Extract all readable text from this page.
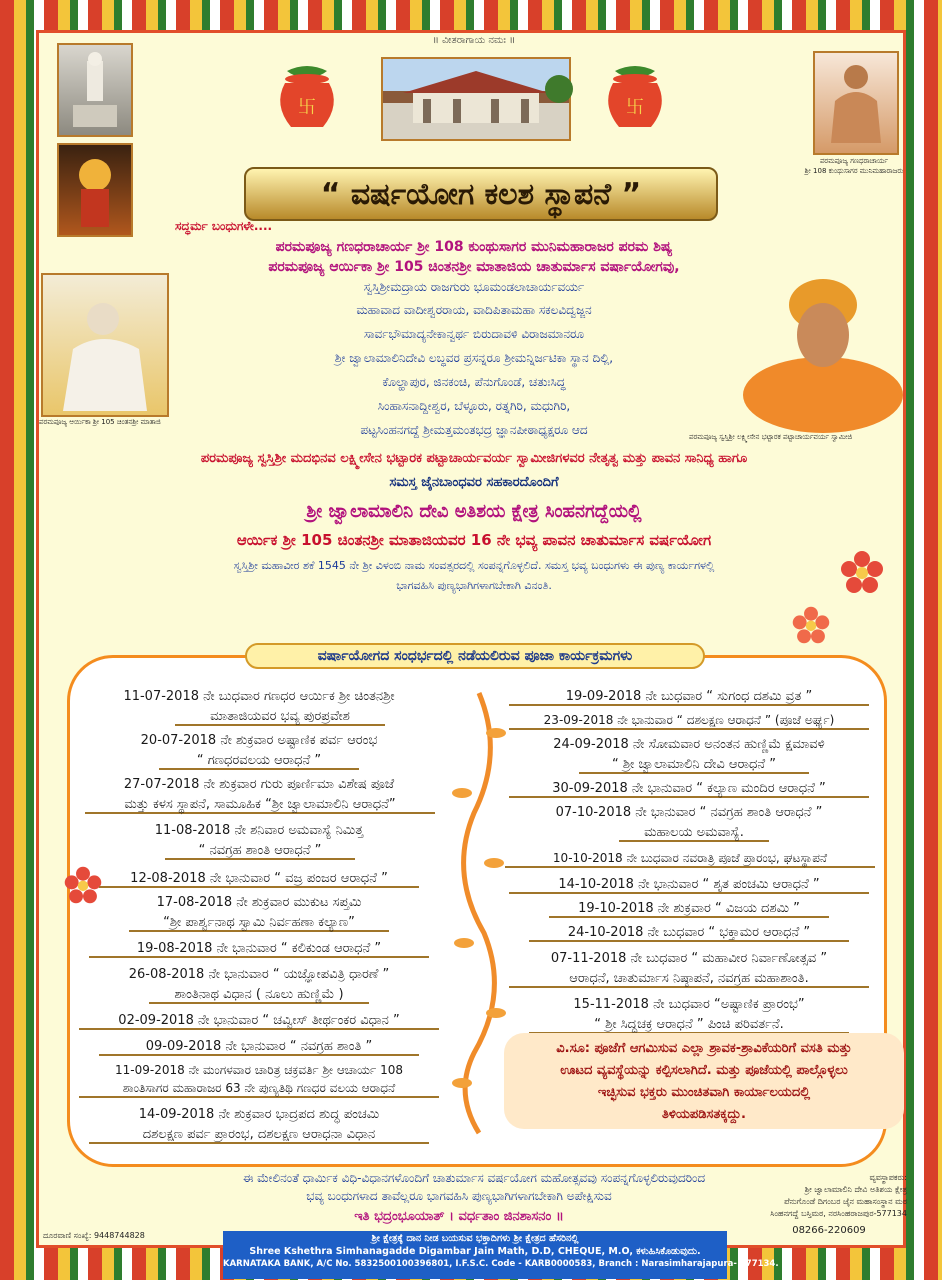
॥ ವೀತರಾಗಾಯ ನಮಃ ॥
卐	卐
ಪರಮಪೂಜ್ಯ ಗಣಧರಾಚಾರ್ಯ
ಶ್ರೀ 108 ಕುಂಥುಸಾಗರ ಮುನಿಮಹಾರಾಜರು
“ ವರ್ಷಯೋಗ ಕಲಶ ಸ್ಥಾಪನೆ ”
ಸದ್ಧರ್ಮ ಬಂಧುಗಳೇ....
ಪರಮಪೂಜ್ಯ ಆರ್ಯಿಕಾ ಶ್ರೀ 105 ಚಿಂತನಶ್ರೀ ಮಾತಾಜಿ
ಪರಮಪೂಜ್ಯ ಸ್ವಸ್ತಿಶ್ರೀ ಲಕ್ಷ್ಮೀಸೇನ ಭಟ್ಟಾರಕ ಪಟ್ಟಾಚಾರ್ಯವರ್ಯ ಸ್ವಾಮೀಜಿ
ಪರಮಪೂಜ್ಯ ಗಣಧರಾಚಾರ್ಯ ಶ್ರೀ 108 ಕುಂಥುಸಾಗರ ಮುನಿಮಹಾರಾಜರ ಪರಮ ಶಿಷ್ಯ
ಪರಮಪೂಜ್ಯ ಆರ್ಯಿಕಾ ಶ್ರೀ 105 ಚಿಂತನಶ್ರೀ ಮಾತಾಜಿಯ ಚಾತುರ್ಮಾಸ ವರ್ಷಾಯೋಗವು,
ಸ್ವಸ್ತಿಶ್ರೀಮದ್ರಾಯ ರಾಜಗುರು ಭೂಮಂಡಲಾಚಾರ್ಯವರ್ಯ
ಮಹಾವಾದ ವಾದೀಶ್ವರರಾಯ, ವಾದಿಪಿತಾಮಹಾ ಸಕಲವಿದ್ವಜ್ಜನ
ಸಾರ್ವಭೌಮಾದ್ಯನೇಕಾನ್ವರ್ಥ ಬಿರುದಾವಳಿ ವಿರಾಜಮಾನರೂ
ಶ್ರೀ ಜ್ವಾಲಾಮಾಲಿನಿದೇವಿ ಲಬ್ಧವರ ಪ್ರಸನ್ನರೂ ಶ್ರೀಮನ್ನಿರ್ಜಟಿಕಾ ಸ್ಥಾನ ದಿಲ್ಲಿ,
ಕೊಲ್ಹಾಪುರ, ಜಿನಕಂಚಿ, ಪೆನುಗೊಂಡೆ, ಚತುಃಸಿದ್ಧ
ಸಿಂಹಾಸನಾದ್ದೀಶ್ವರ, ಬೆಳ್ಳೂರು, ರತ್ನಗಿರಿ, ಮಧುಗಿರಿ,
ಪಟ್ಟಸಿಂಹನಗದ್ದೆ ಶ್ರೀಮತ್ತಮಂತಭದ್ರ ಜ್ಞಾನಪೀಠಾಧ್ಯಕ್ಷರೂ ಆದ
ಪರಮಪೂಜ್ಯ ಸ್ವಸ್ತಿಶ್ರೀ ಮದಭಿನವ ಲಕ್ಷ್ಮೀಸೇನ ಭಟ್ಟಾರಕ ಪಟ್ಟಾಚಾರ್ಯವರ್ಯ ಸ್ವಾಮೀಜಿಗಳವರ ನೇತೃತ್ವ ಮತ್ತು ಪಾವನ ಸಾನಿಧ್ಯ ಹಾಗೂ
ಸಮಸ್ತ ಜೈನಬಾಂಧವರ ಸಹಕಾರದೊಂದಿಗೆ
ಶ್ರೀ ಜ್ವಾಲಾಮಾಲಿನಿ ದೇವಿ ಅತಿಶಯ ಕ್ಷೇತ್ರ ಸಿಂಹನಗದ್ದೆಯಲ್ಲಿ
ಆರ್ಯಿಕ ಶ್ರೀ 105 ಚಿಂತನಶ್ರೀ ಮಾತಾಜಿಯವರ 16 ನೇ ಭವ್ಯ ಪಾವನ ಚಾತುರ್ಮಾಸ ವರ್ಷಯೋಗ
ಸ್ವಸ್ತಿಶ್ರೀ ಮಹಾವೀರ ಶಕೆ 1545 ನೇ ಶ್ರೀ ವಿಳಂಬಿ ನಾಮ ಸಂವತ್ಸರದಲ್ಲಿ ಸಂಪನ್ನಗೊಳ್ಳಲಿದೆ. ಸಮಸ್ತ ಭವ್ಯ ಬಂಧುಗಳು ಈ ಪುಣ್ಯ ಕಾರ್ಯಗಳಲ್ಲಿ
ಭಾಗವಹಿಸಿ ಪುಣ್ಯಭಾಗಿಗಳಾಗಬೇಕಾಗಿ ವಿನಂತಿ.
ವರ್ಷಾಯೋಗದ ಸಂಧರ್ಭದಲ್ಲಿ ನಡೆಯಲಿರುವ ಪೂಜಾ ಕಾರ್ಯಕ್ರಮಗಳು
11-07-2018 ನೇ ಬುಧವಾರ ಗಣಧರ ಆರ್ಯಿಕ ಶ್ರೀ ಚಿಂತನಶ್ರೀ
ಮಾತಾಜಿಯವರ ಭವ್ಯ ಪುರಪ್ರವೇಶ
20-07-2018 ನೇ ಶುಕ್ರವಾರ ಅಷ್ಟಾಣಿಕ ಪರ್ವ ಆರಂಭ
“ ಗಣಧರವಲಯ ಆರಾಧನೆ ”
27-07-2018 ನೇ ಶುಕ್ರವಾರ ಗುರು ಪೂರ್ಣಿಮಾ ವಿಶೇಷ ಪೂಜೆ
ಮತ್ತು ಕಳಸ ಸ್ಥಾಪನೆ, ಸಾಮೂಹಿಕ “ಶ್ರೀ ಜ್ವಾಲಾಮಾಲಿನಿ ಆರಾಧನೆ”
11-08-2018 ನೇ ಶನಿವಾರ ಅಮವಾಸ್ಯೆ ನಿಮಿತ್ತ
“ ನವಗ್ರಹ ಶಾಂತಿ ಆರಾಧನೆ ”
12-08-2018 ನೇ ಭಾನುವಾರ “ ವಜ್ರ ಪಂಜರ ಆರಾಧನೆ ”
17-08-2018 ನೇ ಶುಕ್ರವಾರ ಮುಕುಟ ಸಪ್ತಮಿ
“ಶ್ರೀ ಪಾರ್ಶ್ವನಾಥ ಸ್ವಾಮಿ ನಿರ್ವಹಣಾ ಕಲ್ಯಾಣ”
19-08-2018 ನೇ ಭಾನುವಾರ “ ಕಲಿಕುಂಡ ಆರಾಧನೆ ”
26-08-2018 ನೇ ಭಾನುವಾರ “ ಯಜ್ಞೋಪವಿತ್ರಿ ಧಾರಣೆ ”
ಶಾಂತಿನಾಥ ವಿಧಾನ ( ನೂಲು ಹುಣ್ಣಿಮೆ )
02-09-2018 ನೇ ಭಾನುವಾರ “ ಚವ್ವೀಸ್ ತೀರ್ಥಂಕರ ವಿಧಾನ ”
09-09-2018 ನೇ ಭಾನುವಾರ “ ನವಗ್ರಹ ಶಾಂತಿ ”
11-09-2018 ನೇ ಮಂಗಳವಾರ ಚಾರಿತ್ರ ಚಕ್ರವರ್ತಿ ಶ್ರೀ ಆಚಾರ್ಯ 108
ಶಾಂತಿಸಾಗರ ಮಹಾರಾಜರ 63 ನೇ ಪುಣ್ಯತಿಥಿ ಗಣಧರ ವಲಯ ಆರಾಧನೆ
14-09-2018 ನೇ ಶುಕ್ರವಾರ ಭಾದ್ರಪದ ಶುದ್ಧ ಪಂಚಮಿ
ದಶಲಕ್ಷಣ ಪರ್ವ ಪ್ರಾರಂಭ, ದಶಲಕ್ಷಣ ಆರಾಧನಾ ವಿಧಾನ
19-09-2018 ನೇ ಬುಧವಾರ “ ಸುಗಂಧ ದಶಮಿ ವ್ರತ ”
23-09-2018 ನೇ ಭಾನುವಾರ “ ದಶಲಕ್ಷಣ ಆರಾಧನೆ ” (ಪೂಜೆ ಅರ್ಘ್ಯ)
24-09-2018 ನೇ ಸೋಮವಾರ ಅನಂತನ ಹುಣ್ಣಿಮೆ ಕ್ಷಮಾವಳಿ
“ ಶ್ರೀ ಜ್ವಾಲಾಮಾಲಿನಿ ದೇವಿ ಆರಾಧನೆ ”
30-09-2018 ನೇ ಭಾನುವಾರ “ ಕಲ್ಯಾಣ ಮಂದಿರ ಆರಾಧನೆ ”
07-10-2018 ನೇ ಭಾನುವಾರ “ ನವಗ್ರಹ ಶಾಂತಿ ಆರಾಧನೆ ”
ಮಹಾಲಯ ಅಮವಾಸ್ಯೆ.
10-10-2018 ನೇ ಬುಧವಾರ ನವರಾತ್ರಿ ಪೂಜೆ ಪ್ರಾರಂಭ, ಘಟಸ್ಥಾಪನೆ
14-10-2018 ನೇ ಭಾನುವಾರ “ ಶೃತ ಪಂಚಮಿ ಆರಾಧನೆ ”
19-10-2018 ನೇ ಶುಕ್ರವಾರ “ ವಿಜಯ ದಶಮಿ ”
24-10-2018 ನೇ ಬುಧವಾರ “ ಭಕ್ತಾಮರ ಆರಾಧನೆ ”
07-11-2018 ನೇ ಬುಧವಾರ “ ಮಹಾವೀರ ನಿರ್ವಾಣೋತ್ಸವ ”
ಆರಾಧನೆ, ಚಾತುರ್ಮಾಸ ನಿಷ್ಠಾಪನೆ, ನವಗ್ರಹ ಮಹಾಶಾಂತಿ.
15-11-2018 ನೇ ಬುಧವಾರ “ಅಷ್ಟಾಣಿಕ ಪ್ರಾರಂಭ”
“ ಶ್ರೀ ಸಿದ್ಧಚಕ್ರ ಆರಾಧನೆ ” ಪಿಂಚಿ ಪರಿವರ್ತನೆ.
ವಿ.ಸೂ: ಪೂಜೆಗೆ ಆಗಮಿಸುವ ಎಲ್ಲಾ ಶ್ರಾವಕ-ಶ್ರಾವಿಕೆಯರಿಗೆ ವಸತಿ ಮತ್ತು
ಊಟದ ವ್ಯವಸ್ಥೆಯನ್ನು ಕಲ್ಪಿಸಲಾಗಿದೆ. ಮತ್ತು ಪೂಜೆಯಲ್ಲಿ ಪಾಲ್ಗೊಳ್ಳಲು
ಇಚ್ಛಿಸುವ ಭಕ್ತರು ಮುಂಚಿತವಾಗಿ ಕಾರ್ಯಾಲಯದಲ್ಲಿ
ತಿಳಿಯಪಡಿಸತಕ್ಕದ್ದು.
ಈ ಮೇಲಿನಂತೆ ಧಾರ್ಮಿಕ ವಿಧಿ-ವಿಧಾನಗಳೊಂದಿಗೆ ಚಾತುರ್ಮಾಸ ವರ್ಷಯೋಗ ಮಹೋತ್ಸವವು ಸಂಪನ್ನಗೊಳ್ಳಲಿರುವುದರಿಂದ
ಭವ್ಯ ಬಂಧುಗಳಾದ ತಾವೆಲ್ಲರೂ ಭಾಗವಹಿಸಿ ಪುಣ್ಯಭಾಗಿಗಳಾಗಬೇಕಾಗಿ ಅಪೇಕ್ಷಿಸುವ
ಇತಿ ಭದ್ರಂಭೂಯಾತ್ । ವರ್ಧತಾಂ ಜಿನಶಾಸನಂ ॥
ವ್ಯವಸ್ಥಾಪಕರು:
ಶ್ರೀ ಜ್ವಾಲಾಮಾಲಿನಿ ದೇವಿ ಅತಿಶಯ ಕ್ಷೇತ್ರ
ಪೆನುಗೊಂಡೆ ದಿಗಂಬರ ಜೈನ ಮಹಾಸಂಸ್ಥಾನ ಮಠ
ಸಿಂಹನಗದ್ದೆ ಬಸ್ತಿಮಠ, ನರಸಿಂಹರಾಜಪುರ-577134
08266-220609
ದೂರವಾಣಿ ಸಂಖ್ಯೆ: 9448744828	ಶ್ರೀ ಕ್ಷೇತ್ರಕ್ಕೆ ದಾನ ನೀಡ ಬಯಸುವ ಭಕ್ತಾದಿಗಳು ಶ್ರೀ ಕ್ಷೇತ್ರದ ಹೆಸರಿನಲ್ಲಿ
Shree Kshethra Simhanagadde Digambar Jain Math, D.D, CHEQUE, M.O, ಕಳುಹಿಸಿಕೊಡುವುದು.
KARNATAKA BANK, A/C No. 5832500100396801, I.F.S.C. Code - KARB0000583, Branch : Narasimharajapura- 577134.
